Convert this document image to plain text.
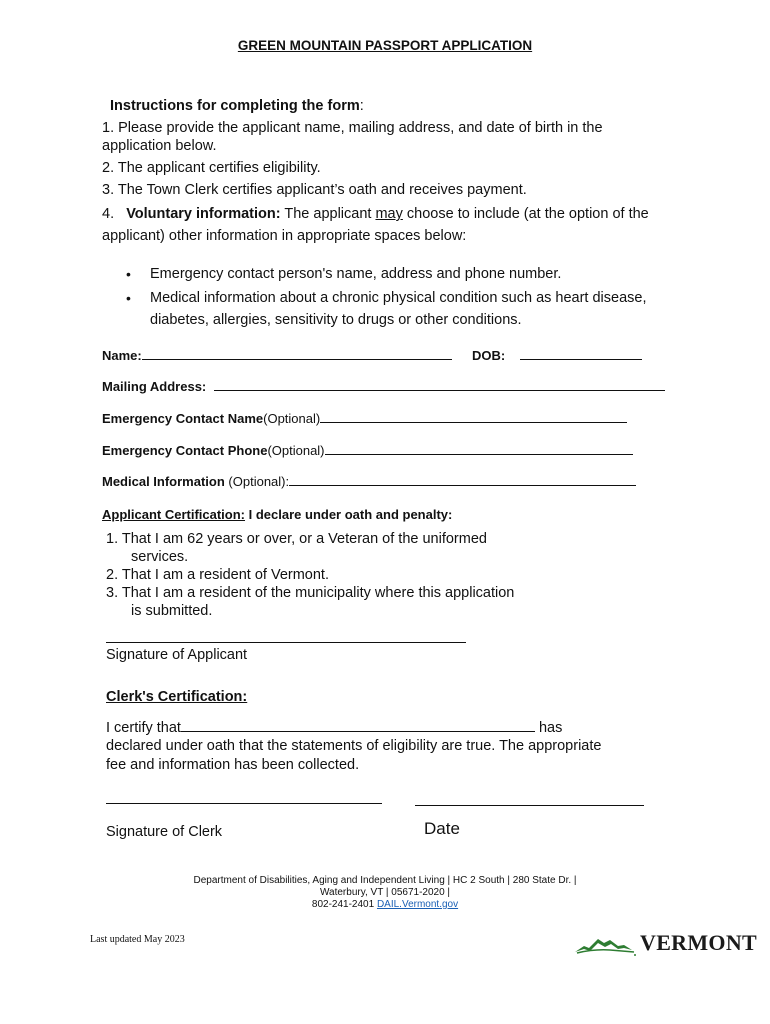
GREEN MOUNTAIN PASSPORT APPLICATION
Instructions for completing the form:
1. Please provide the applicant name, mailing address, and date of birth in the
application below.
2. The applicant certifies eligibility.
3. The Town Clerk certifies applicant’s oath and receives payment.
4. Voluntary information: The applicant may choose to include (at the option of the
applicant) other information in appropriate spaces below:
• Emergency contact person's name, address and phone number.
• Medical information about a chronic physical condition such as heart disease,
diabetes, allergies, sensitivity to drugs or other conditions.
Name:	DOB:
Mailing Address:
Emergency Contact Name(Optional)
Emergency Contact Phone(Optional)
Medical Information (Optional):
Applicant Certification: I declare under oath and penalty:
1. That I am 62 years or over, or a Veteran of the uniformed
services.
2. That I am a resident of Vermont.
3. That I am a resident of the municipality where this application
is submitted.
Signature of Applicant
Clerk's Certification:
I certify that	has
declared under oath that the statements of eligibility are true. The appropriate
fee and information has been collected.
Signature of Clerk	Date
Department of Disabilities, Aging and Independent Living | HC 2 South | 280 State Dr. |
Waterbury, VT | 05671-2020 |
802-241-2401 DAIL.Vermont.gov
Last updated May 2023	VERMONT
